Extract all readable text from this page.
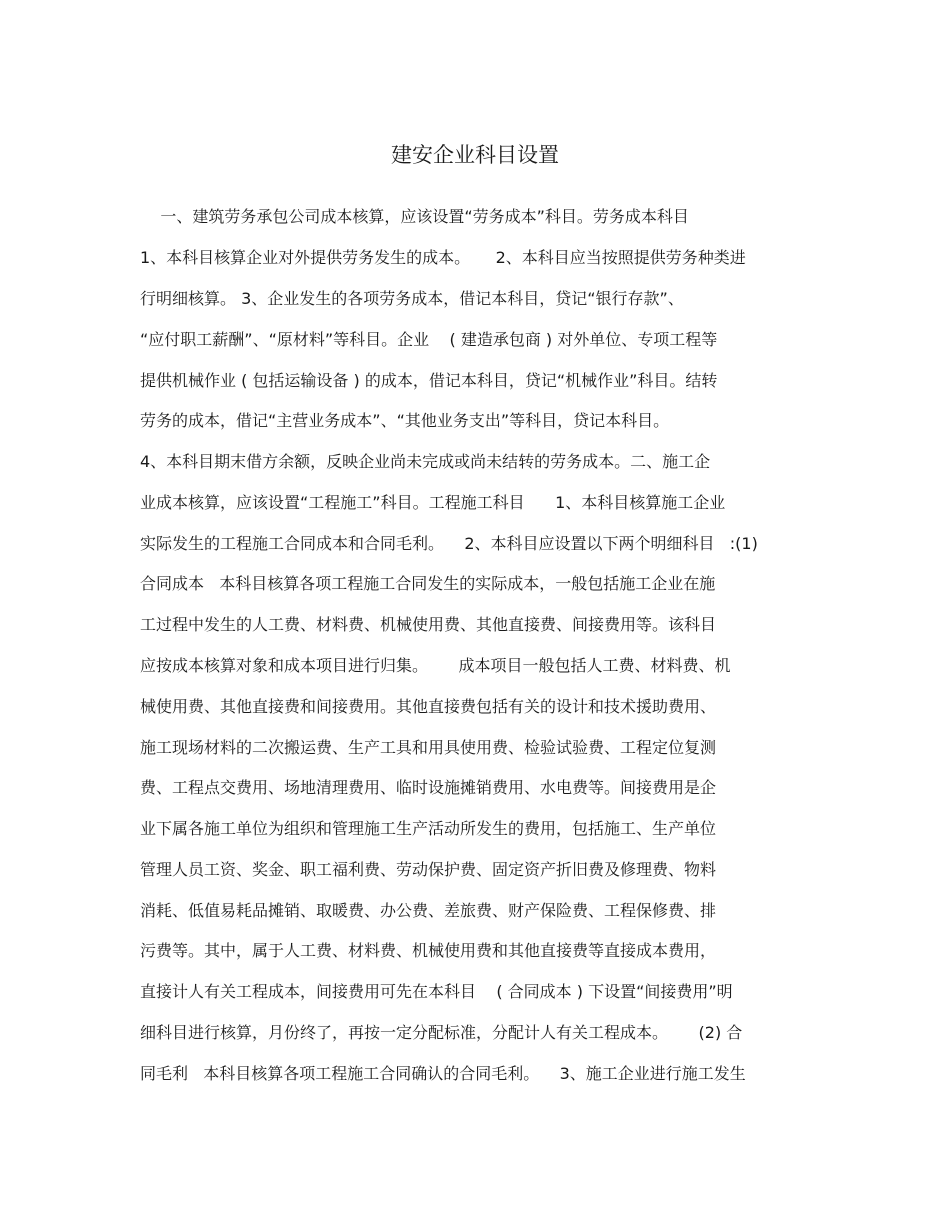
建安企业科目设置
一、建筑劳务承包公司成本核算，应该设置“劳务成本”科目。劳务成本科目
1、本科目核算企业对外提供劳务发生的成本。     2、本科目应当按照提供劳务种类进
行明细核算。 3、企业发生的各项劳务成本，借记本科目，贷记“银行存款”、
“应付职工薪酬”、“原材料”等科目。企业    ( 建造承包商 ) 对外单位、专项工程等
提供机械作业 ( 包括运输设备 ) 的成本，借记本科目，贷记“机械作业”科目。结转
劳务的成本，借记“主营业务成本”、“其他业务支出”等科目，贷记本科目。
4、本科目期末借方余额，反映企业尚未完成或尚未结转的劳务成本。二、施工企
业成本核算，应该设置“工程施工”科目。工程施工科目      1、本科目核算施工企业
实际发生的工程施工合同成本和合同毛利。    2、本科目应设置以下两个明细科目   :(1)
合同成本   本科目核算各项工程施工合同发生的实际成本，一般包括施工企业在施
工过程中发生的人工费、材料费、机械使用费、其他直接费、间接费用等。该科目
应按成本核算对象和成本项目进行归集。      成本项目一般包括人工费、材料费、机
械使用费、其他直接费和间接费用。其他直接费包括有关的设计和技术援助费用、
施工现场材料的二次搬运费、生产工具和用具使用费、检验试验费、工程定位复测
费、工程点交费用、场地清理费用、临时设施摊销费用、水电费等。间接费用是企
业下属各施工单位为组织和管理施工生产活动所发生的费用，包括施工、生产单位
管理人员工资、奖金、职工福利费、劳动保护费、固定资产折旧费及修理费、物料
消耗、低值易耗品摊销、取暖费、办公费、差旅费、财产保险费、工程保修费、排
污费等。其中，属于人工费、材料费、机械使用费和其他直接费等直接成本费用，
直接计人有关工程成本，间接费用可先在本科目    ( 合同成本 ) 下设置“间接费用”明
细科目进行核算，月份终了，再按一定分配标准，分配计人有关工程成本。      (2) 合
同毛利   本科目核算各项工程施工合同确认的合同毛利。    3、施工企业进行施工发生
